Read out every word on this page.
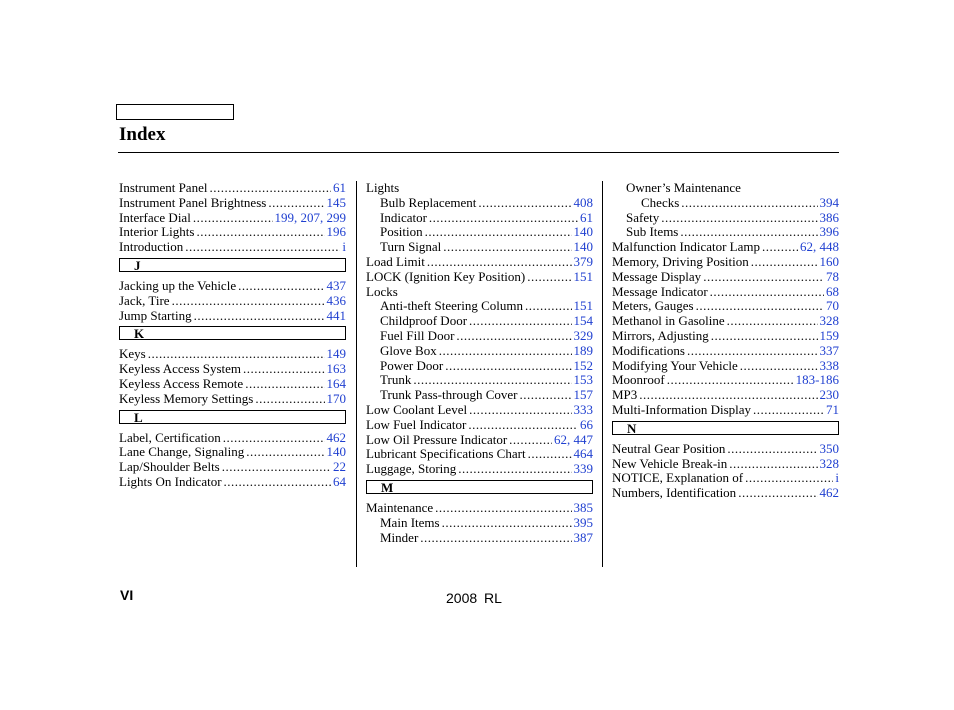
Index
Instrument Panel .....	61
Instrument Panel Brightness .....	145
Interface Dial .....	199, 207, 299
Interior Lights .....	196
Introduction .....	i
J
Jacking up the Vehicle .....	437
Jack, Tire .....	436
Jump Starting .....	441
K
Keys .....	149
Keyless Access System .....	163
Keyless Access Remote .....	164
Keyless Memory Settings .....	170
L
Label, Certification .....	462
Lane Change, Signaling .....	140
Lap/Shoulder Belts .....	22
Lights On Indicator .....	64
Lights
Bulb Replacement .....	408
Indicator .....	61
Position .....	140
Turn Signal .....	140
Load Limit .....	379
LOCK (Ignition Key Position) .....	151
Locks
Anti-theft Steering Column .....	151
Childproof Door .....	154
Fuel Fill Door .....	329
Glove Box .....	189
Power Door .....	152
Trunk .....	153
Trunk Pass-through Cover .....	157
Low Coolant Level .....	333
Low Fuel Indicator .....	66
Low Oil Pressure Indicator .....	62, 447
Lubricant Specifications Chart .....	464
Luggage, Storing .....	339
M
Maintenance .....	385
Main Items .....	395
Minder .....	387
Owner’s Maintenance
Checks .....	394
Safety .....	386
Sub Items .....	396
Malfunction Indicator Lamp .....	62, 448
Memory, Driving Position .....	160
Message Display .....	78
Message Indicator .....	68
Meters, Gauges .....	70
Methanol in Gasoline .....	328
Mirrors, Adjusting .....	159
Modifications .....	337
Modifying Your Vehicle .....	338
Moonroof .....	183-186
MP3 .....	230
Multi-Information Display .....	71
N
Neutral Gear Position .....	350
New Vehicle Break-in .....	328
NOTICE, Explanation of .....	i
Numbers, Identification .....	462
VI	2008 RL
